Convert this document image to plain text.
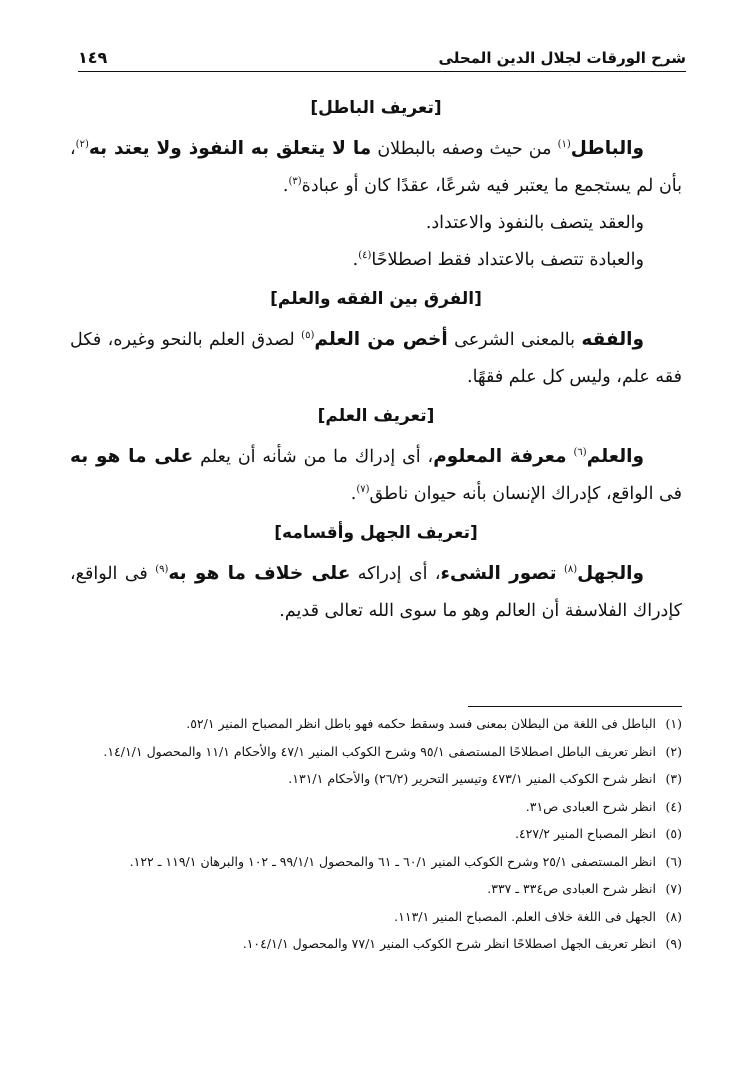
شرح الورقات لجلال الدين المحلى
١٤٩
[تعريف الباطل]

والباطل$^{(١)}$ من حيث وصفه بالبطلان ما لا يتعلق به النفوذ ولا يعتد به$^{(٢)}$، بأن لم يستجمع ما يعتبر فيه شرعًا، عقدًا كان أو عبادة$^{(٣)}$.

والعقد يتصف بالنفوذ والاعتداد.

والعبادة تتصف بالاعتداد فقط اصطلاحًا$^{(٤)}$.

[الفرق بين الفقه والعلم]

والفقه بالمعنى الشرعى أخص من العلم$^{(٥)}$ لصدق العلم بالنحو وغيره، فكل فقه علم، وليس كل علم فقهًا.

[تعريف العلم]

والعلم$^{(٦)}$ معرفة المعلوم، أى إدراك ما من شأنه أن يعلم على ما هو به فى الواقع، كإدراك الإنسان بأنه حيوان ناطق$^{(٧)}$.

[تعريف الجهل وأقسامه]

والجهل$^{(٨)}$ تصور الشىء، أى إدراكه على خلاف ما هو به$^{(٩)}$ فى الواقع، كإدراك الفلاسفة أن العالم وهو ما سوى الله تعالى قديم.

(١)
الباطل فى اللغة من البطلان بمعنى فسد وسقط حكمه فهو باطل انظر المصباح المنير ٥٢/١.

(٢)
انظر تعريف الباطل اصطلاحًا المستصفى ٩٥/١ وشرح الكوكب المنير ٤٧/١ والأحكام ١١/١ والمحصول ١٤/١/١.

(٣)
انظر شرح الكوكب المنير ٤٧٣/١ وتيسير التحرير (٢٦/٢) والأحكام ١٣١/١.

(٤)
انظر شرح العبادى ص٣١.

(٥)
انظر المصباح المنير ٤٢٧/٢.

(٦)
انظر المستصفى ٢٥/١ وشرح الكوكب المنير ٦٠/١ ـ ٦١ والمحصول ٩٩/١/١ ـ ١٠٢ والبرهان ١١٩/١ ـ ١٢٢.

(٧)
انظر شرح العبادى ص٣٣٤ ـ ٣٣٧.

(٨)
الجهل فى اللغة خلاف العلم. المصباح المنير ١١٣/١.

(٩)
انظر تعريف الجهل اصطلاحًا انظر شرح الكوكب المنير ٧٧/١ والمحصول ١٠٤/١/١.
